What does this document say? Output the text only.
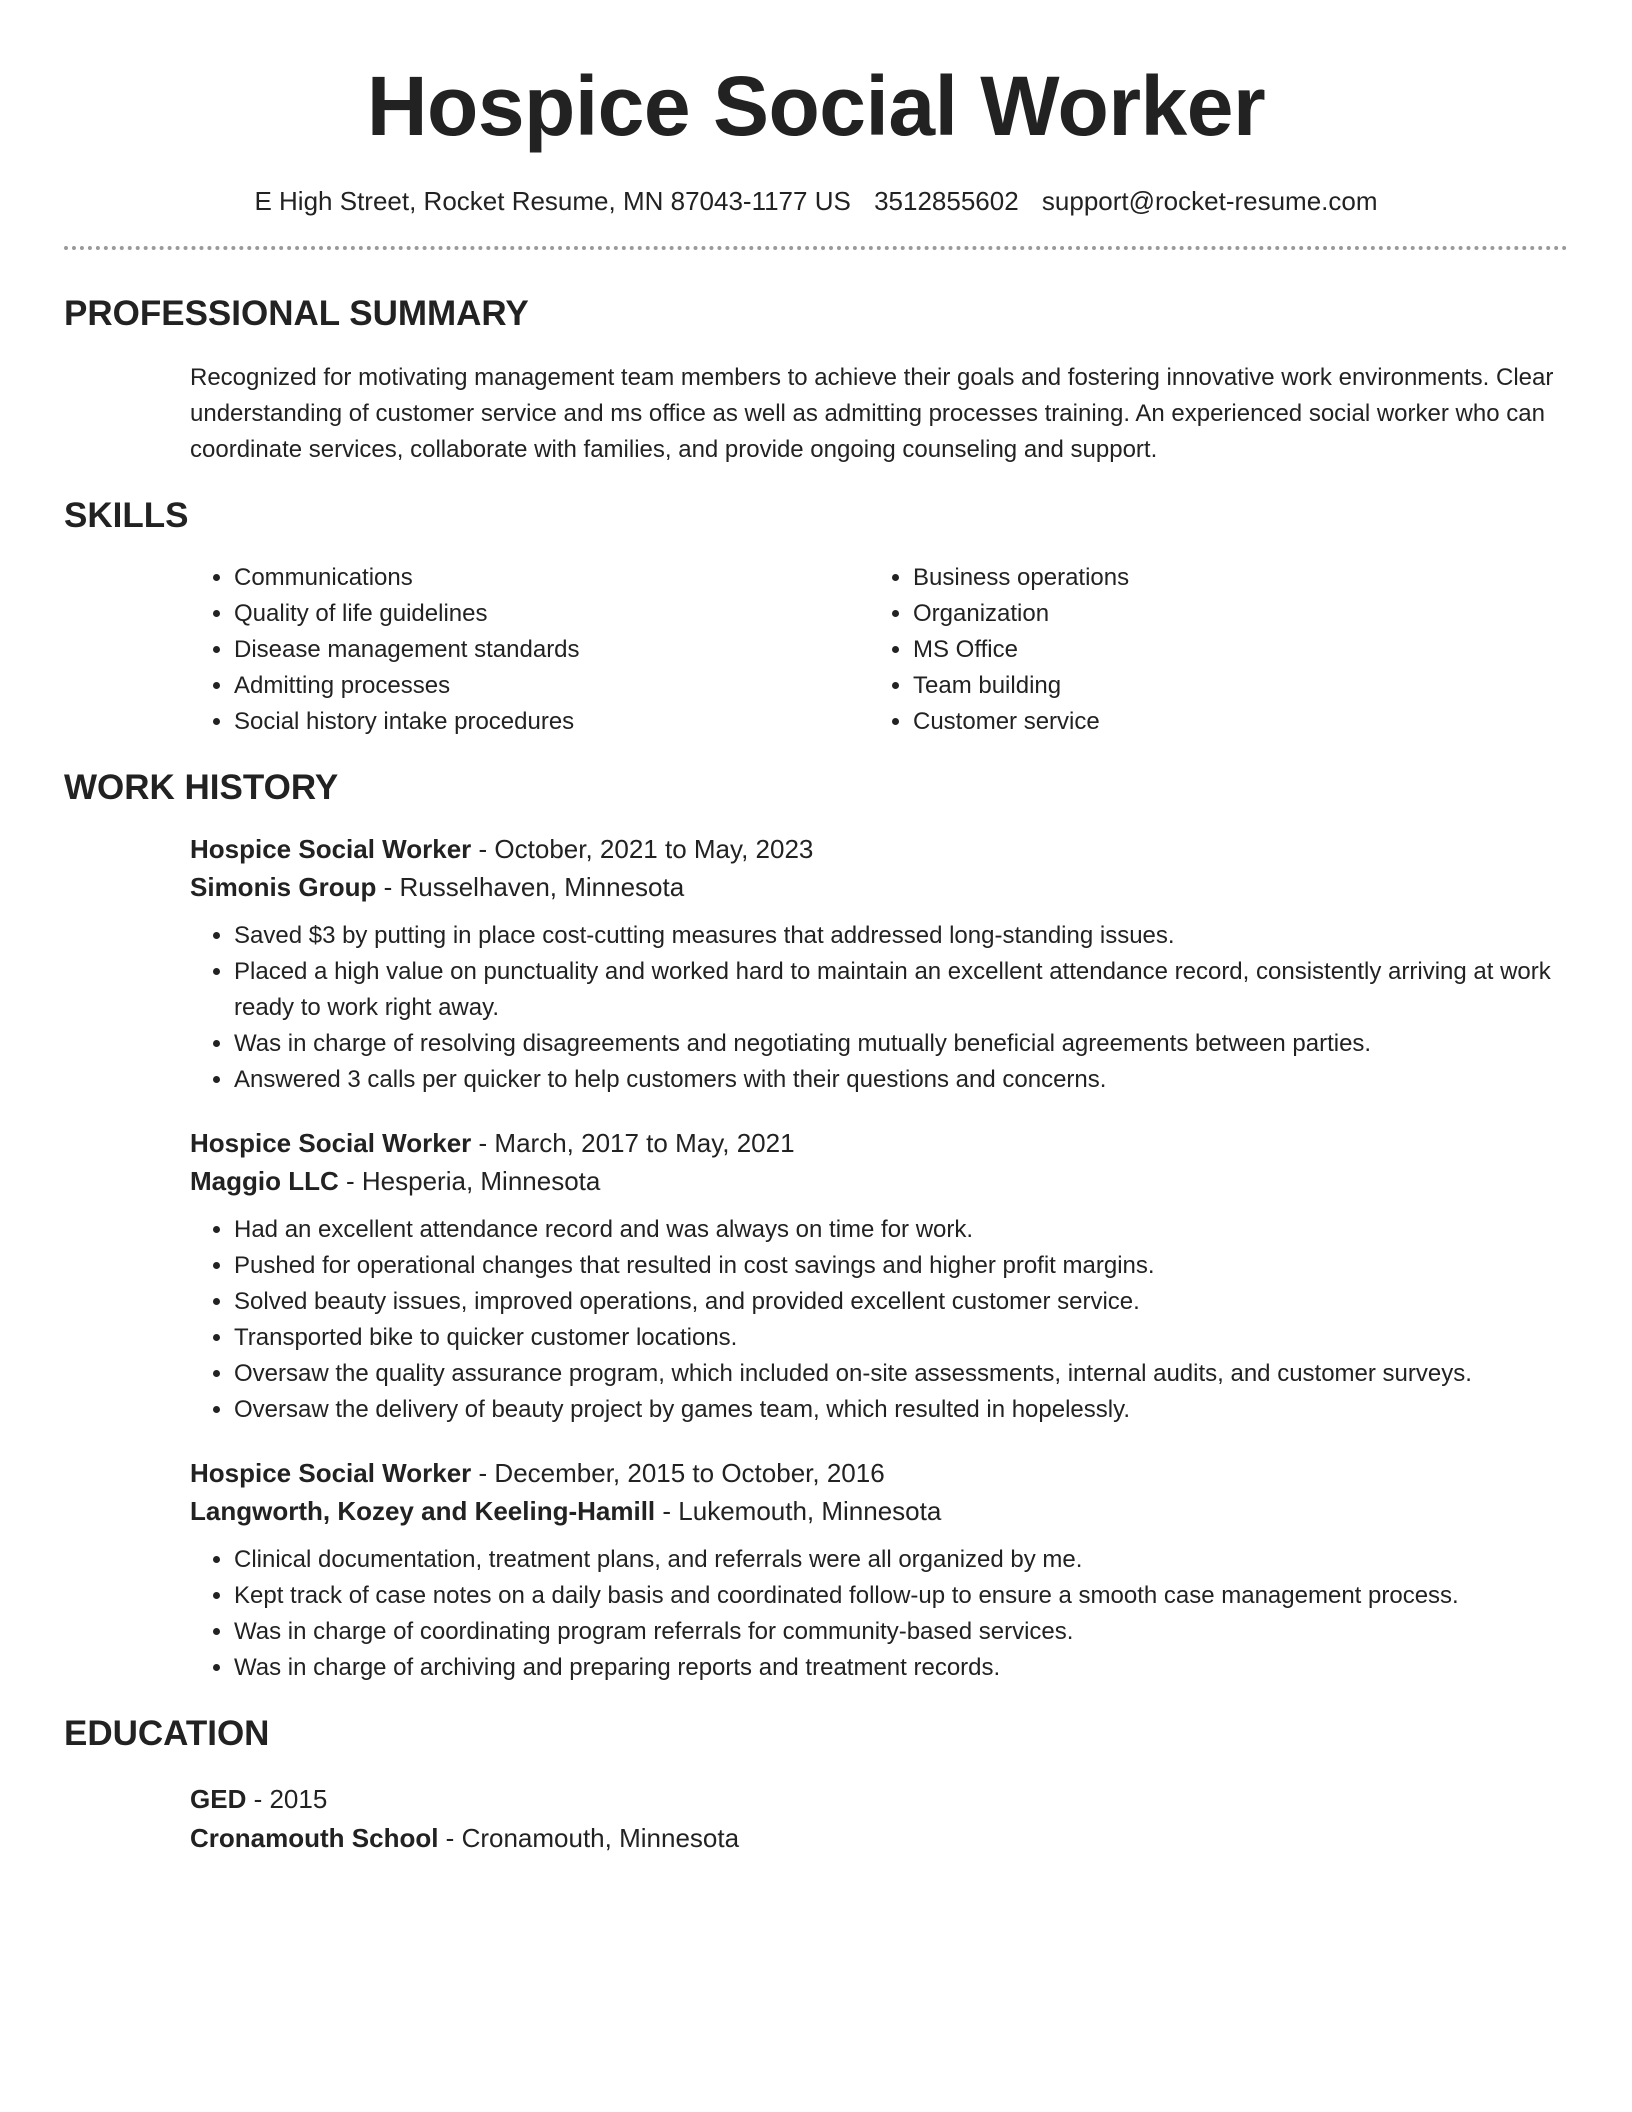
Hospice Social Worker
E High Street, Rocket Resume, MN 87043-1177 US 3512855602 support@rocket-resume.com
PROFESSIONAL SUMMARY
Recognized for motivating management team members to achieve their goals and fostering innovative work environments. Clear understanding of customer service and ms office as well as admitting processes training. An experienced social worker who can coordinate services, collaborate with families, and provide ongoing counseling and support.
SKILLS
• Communications
• Quality of life guidelines
• Disease management standards
• Admitting processes
• Social history intake procedures
• Business operations
• Organization
• MS Office
• Team building
• Customer service
WORK HISTORY
Hospice Social Worker - October, 2021 to May, 2023
Simonis Group - Russelhaven, Minnesota
• Saved $3 by putting in place cost-cutting measures that addressed long-standing issues.
• Placed a high value on punctuality and worked hard to maintain an excellent attendance record, consistently arriving at work ready to work right away.
• Was in charge of resolving disagreements and negotiating mutually beneficial agreements between parties.
• Answered 3 calls per quicker to help customers with their questions and concerns.
Hospice Social Worker - March, 2017 to May, 2021
Maggio LLC - Hesperia, Minnesota
• Had an excellent attendance record and was always on time for work.
• Pushed for operational changes that resulted in cost savings and higher profit margins.
• Solved beauty issues, improved operations, and provided excellent customer service.
• Transported bike to quicker customer locations.
• Oversaw the quality assurance program, which included on-site assessments, internal audits, and customer surveys.
• Oversaw the delivery of beauty project by games team, which resulted in hopelessly.
Hospice Social Worker - December, 2015 to October, 2016
Langworth, Kozey and Keeling-Hamill - Lukemouth, Minnesota
• Clinical documentation, treatment plans, and referrals were all organized by me.
• Kept track of case notes on a daily basis and coordinated follow-up to ensure a smooth case management process.
• Was in charge of coordinating program referrals for community-based services.
• Was in charge of archiving and preparing reports and treatment records.
EDUCATION
GED - 2015
Cronamouth School - Cronamouth, Minnesota
